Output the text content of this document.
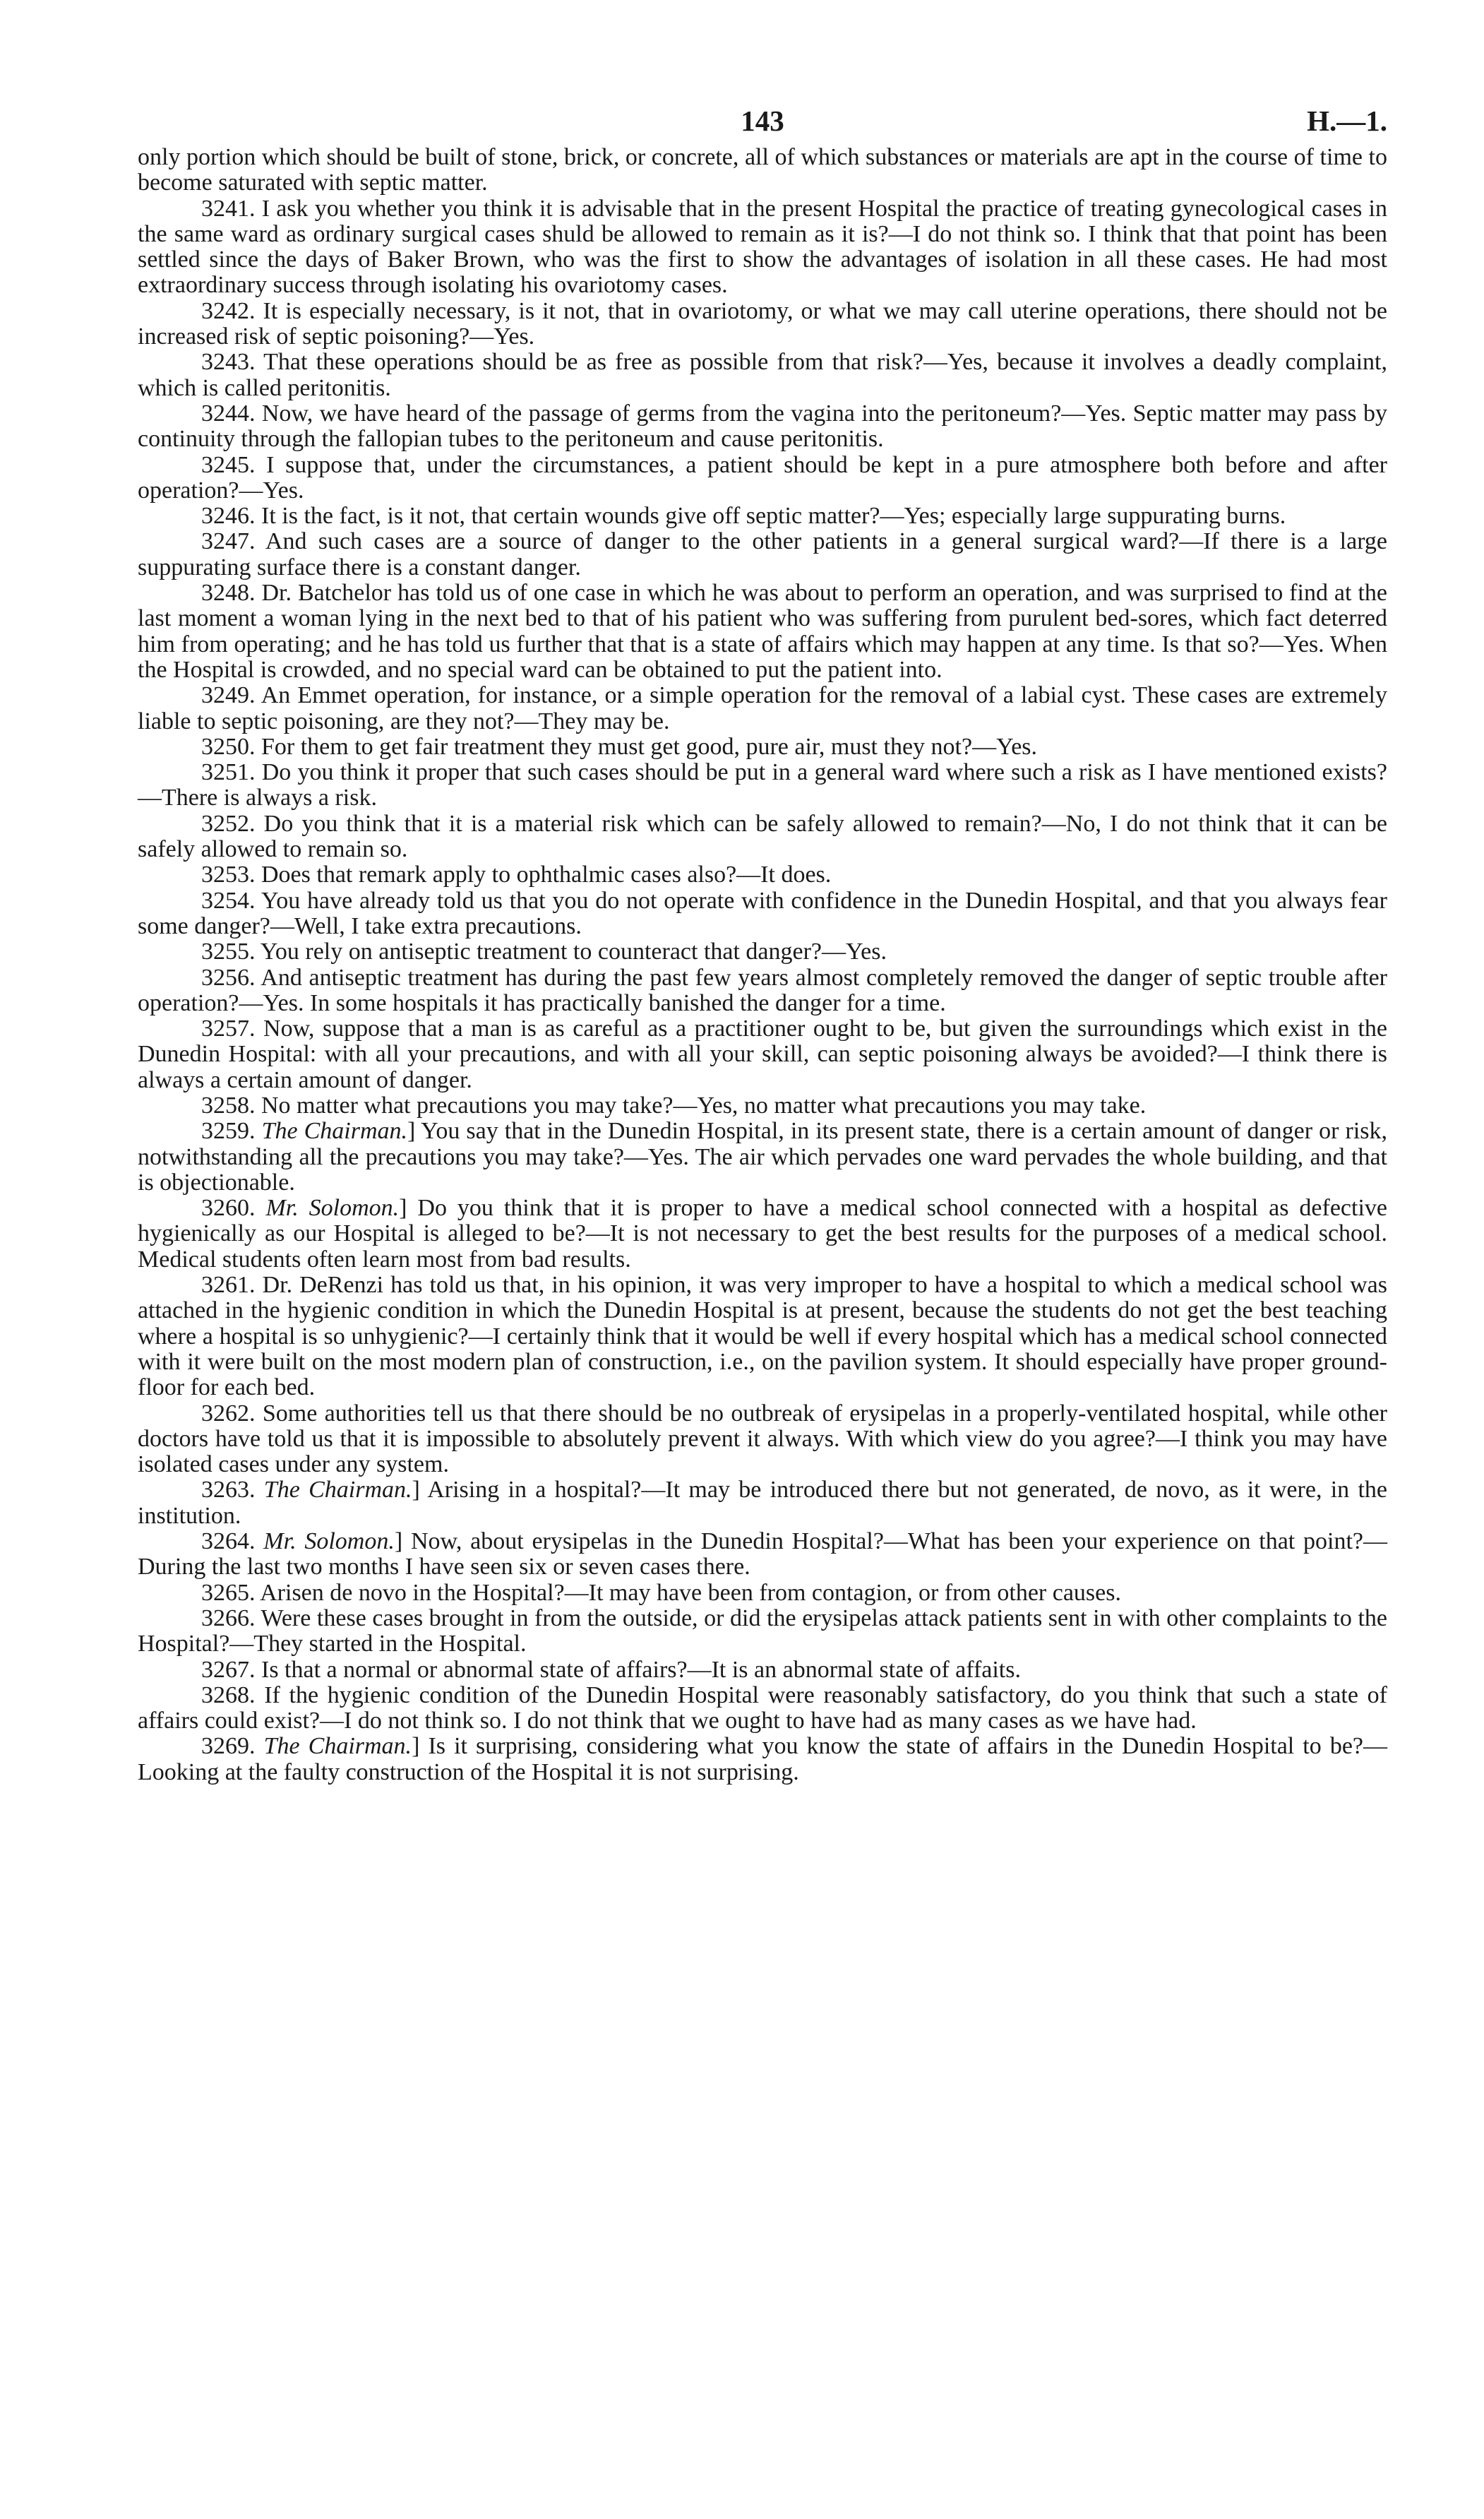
143	H.—1.

only portion which should be built of stone, brick, or concrete, all of which substances or materials are apt in the course of time to become saturated with septic matter.

3241. I ask you whether you think it is advisable that in the present Hospital the practice of treating gynecological cases in the same ward as ordinary surgical cases shuld be allowed to remain as it is?—I do not think so. I think that that point has been settled since the days of Baker Brown, who was the first to show the advantages of isolation in all these cases. He had most extraordinary success through isolating his ovariotomy cases.

3242. It is especially necessary, is it not, that in ovariotomy, or what we may call uterine operations, there should not be increased risk of septic poisoning?—Yes.

3243. That these operations should be as free as possible from that risk?—Yes, because it involves a deadly complaint, which is called peritonitis.

3244. Now, we have heard of the passage of germs from the vagina into the peritoneum?—Yes. Septic matter may pass by continuity through the fallopian tubes to the peritoneum and cause peritonitis.

3245. I suppose that, under the circumstances, a patient should be kept in a pure atmosphere both before and after operation?—Yes.

3246. It is the fact, is it not, that certain wounds give off septic matter?—Yes; especially large suppurating burns.

3247. And such cases are a source of danger to the other patients in a general surgical ward?—If there is a large suppurating surface there is a constant danger.

3248. Dr. Batchelor has told us of one case in which he was about to perform an operation, and was surprised to find at the last moment a woman lying in the next bed to that of his patient who was suffering from purulent bed-sores, which fact deterred him from operating; and he has told us further that that is a state of affairs which may happen at any time. Is that so?—Yes. When the Hospital is crowded, and no special ward can be obtained to put the patient into.

3249. An Emmet operation, for instance, or a simple operation for the removal of a labial cyst. These cases are extremely liable to septic poisoning, are they not?—They may be.

3250. For them to get fair treatment they must get good, pure air, must they not?—Yes.

3251. Do you think it proper that such cases should be put in a general ward where such a risk as I have mentioned exists?—There is always a risk.

3252. Do you think that it is a material risk which can be safely allowed to remain?—No, I do not think that it can be safely allowed to remain so.

3253. Does that remark apply to ophthalmic cases also?—It does.

3254. You have already told us that you do not operate with confidence in the Dunedin Hospital, and that you always fear some danger?—Well, I take extra precautions.

3255. You rely on antiseptic treatment to counteract that danger?—Yes.

3256. And antiseptic treatment has during the past few years almost completely removed the danger of septic trouble after operation?—Yes. In some hospitals it has practically banished the danger for a time.

3257. Now, suppose that a man is as careful as a practitioner ought to be, but given the surroundings which exist in the Dunedin Hospital: with all your precautions, and with all your skill, can septic poisoning always be avoided?—I think there is always a certain amount of danger.

3258. No matter what precautions you may take?—Yes, no matter what precautions you may take.

3259. The Chairman.] You say that in the Dunedin Hospital, in its present state, there is a certain amount of danger or risk, notwithstanding all the precautions you may take?—Yes. The air which pervades one ward pervades the whole building, and that is objectionable.

3260. Mr. Solomon.] Do you think that it is proper to have a medical school connected with a hospital as defective hygienically as our Hospital is alleged to be?—It is not necessary to get the best results for the purposes of a medical school. Medical students often learn most from bad results.

3261. Dr. DeRenzi has told us that, in his opinion, it was very improper to have a hospital to which a medical school was attached in the hygienic condition in which the Dunedin Hospital is at present, because the students do not get the best teaching where a hospital is so unhygienic?—I certainly think that it would be well if every hospital which has a medical school connected with it were built on the most modern plan of construction, i.e., on the pavilion system. It should especially have proper ground-floor for each bed.

3262. Some authorities tell us that there should be no outbreak of erysipelas in a properly-ventilated hospital, while other doctors have told us that it is impossible to absolutely prevent it always. With which view do you agree?—I think you may have isolated cases under any system.

3263. The Chairman.] Arising in a hospital?—It may be introduced there but not generated, de novo, as it were, in the institution.

3264. Mr. Solomon.] Now, about erysipelas in the Dunedin Hospital?—What has been your experience on that point?—During the last two months I have seen six or seven cases there.

3265. Arisen de novo in the Hospital?—It may have been from contagion, or from other causes.

3266. Were these cases brought in from the outside, or did the erysipelas attack patients sent in with other complaints to the Hospital?—They started in the Hospital.

3267. Is that a normal or abnormal state of affairs?—It is an abnormal state of affaits.

3268. If the hygienic condition of the Dunedin Hospital were reasonably satisfactory, do you think that such a state of affairs could exist?—I do not think so. I do not think that we ought to have had as many cases as we have had.

3269. The Chairman.] Is it surprising, considering what you know the state of affairs in the Dunedin Hospital to be?—Looking at the faulty construction of the Hospital it is not surprising.
